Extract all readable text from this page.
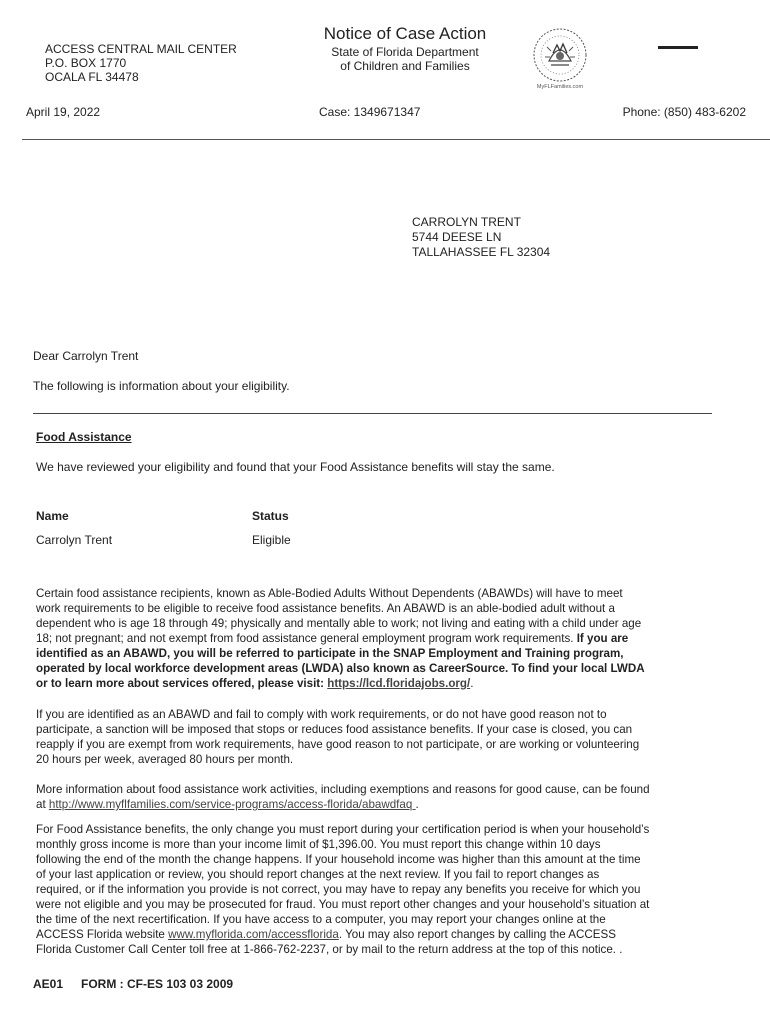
ACCESS CENTRAL MAIL CENTER
P.O. BOX 1770
OCALA FL 34478
Notice of Case Action
State of Florida Department
of Children and Families
MyFLFamilies.com
April 19, 2022	Case: 1349671347	Phone: (850) 483-6202
CARROLYN TRENT
5744 DEESE LN
TALLAHASSEE FL 32304
Dear Carrolyn Trent
The following is information about your eligibility.
Food Assistance
We have reviewed your eligibility and found that your Food Assistance benefits will stay the same.
Name	Status
Carrolyn Trent	Eligible
Certain food assistance recipients, known as Able-Bodied Adults Without Dependents (ABAWDs) will have to meet
work requirements to be eligible to receive food assistance benefits. An ABAWD is an able-bodied adult without a
dependent who is age 18 through 49; physically and mentally able to work; not living and eating with a child under age
18; not pregnant; and not exempt from food assistance general employment program work requirements. If you are
identified as an ABAWD, you will be referred to participate in the SNAP Employment and Training program,
operated by local workforce development areas (LWDA) also known as CareerSource. To find your local LWDA
or to learn more about services offered, please visit: https://lcd.floridajobs.org/.
If you are identified as an ABAWD and fail to comply with work requirements, or do not have good reason not to
participate, a sanction will be imposed that stops or reduces food assistance benefits. If your case is closed, you can
reapply if you are exempt from work requirements, have good reason to not participate, or are working or volunteering
20 hours per week, averaged 80 hours per month.
More information about food assistance work activities, including exemptions and reasons for good cause, can be found
at http://www.myflfamilies.com/service-programs/access-florida/abawdfaq .
For Food Assistance benefits, the only change you must report during your certification period is when your household’s
monthly gross income is more than your income limit of $1,396.00. You must report this change within 10 days
following the end of the month the change happens. If your household income was higher than this amount at the time
of your last application or review, you should report changes at the next review. If you fail to report changes as
required, or if the information you provide is not correct, you may have to repay any benefits you receive for which you
were not eligible and you may be prosecuted for fraud. You must report other changes and your household’s situation at
the time of the next recertification. If you have access to a computer, you may report your changes online at the
ACCESS Florida website www.myflorida.com/accessflorida. You may also report changes by calling the ACCESS
Florida Customer Call Center toll free at 1-866-762-2237, or by mail to the return address at the top of this notice. .
AE01 FORM : CF-ES 103 03 2009
